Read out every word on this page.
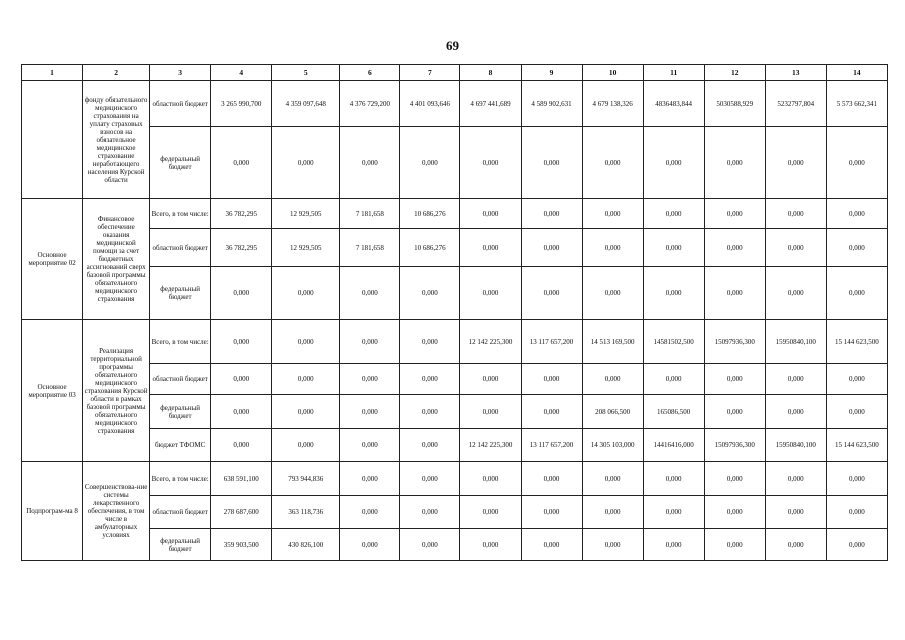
69
1	2	3	4	5	6	7	8	9	10	11	12	13	14
	фонду обязательного медицинского страхования на уплату страховых взносов на обязательное медицинское страхование неработающего населения Курской области	областной бюджет	3 265 990,700	4 359 097,648	4 376 729,200	4 401 093,646	4 697 441,689	4 589 902,631	4 679 138,326	4836483,844	5030588,929	5232797,804	5 573 662,341
		федеральный бюджет	0,000	0,000	0,000	0,000	0,000	0,000	0,000	0,000	0,000	0,000	0,000
Основное мероприятие 02	Финансовое обеспечение оказания медицинской помощи за счет бюджетных ассигнований сверх базовой программы обязательного медицинского страхования	Всего, в том числе:	36 782,295	12 929,505	7 181,658	10 686,276	0,000	0,000	0,000	0,000	0,000	0,000	0,000
		областной бюджет	36 782,295	12 929,505	7 181,658	10 686,276	0,000	0,000	0,000	0,000	0,000	0,000	0,000
		федеральный бюджет	0,000	0,000	0,000	0,000	0,000	0,000	0,000	0,000	0,000	0,000	0,000
Основное мероприятие 03	Реализация территориальной программы обязательного медицинского страхования Курской области в рамках базовой программы обязательного медицинского страхования	Всего, в том числе:	0,000	0,000	0,000	0,000	12 142 225,300	13 117 657,200	14 513 169,500	14581502,500	15097936,300	15950840,100	15 144 623,500
		областной бюджет	0,000	0,000	0,000	0,000	0,000	0,000	0,000	0,000	0,000	0,000	0,000
		федеральный бюджет	0,000	0,000	0,000	0,000	0,000	0,000	208 066,500	165086,500	0,000	0,000	0,000
		бюджет ТФОМС	0,000	0,000	0,000	0,000	12 142 225,300	13 117 657,200	14 305 103,000	14416416,000	15097936,300	15950840,100	15 144 623,500
Подпрограм-ма 8	Совершенствова-ние системы лекарственного обеспечения, в том числе в амбулаторных условиях	Всего, в том числе:	638 591,100	793 944,836	0,000	0,000	0,000	0,000	0,000	0,000	0,000	0,000	0,000
		областной бюджет	278 687,600	363 118,736	0,000	0,000	0,000	0,000	0,000	0,000	0,000	0,000	0,000
		федеральный бюджет	359 903,500	430 826,100	0,000	0,000	0,000	0,000	0,000	0,000	0,000	0,000	0,000
